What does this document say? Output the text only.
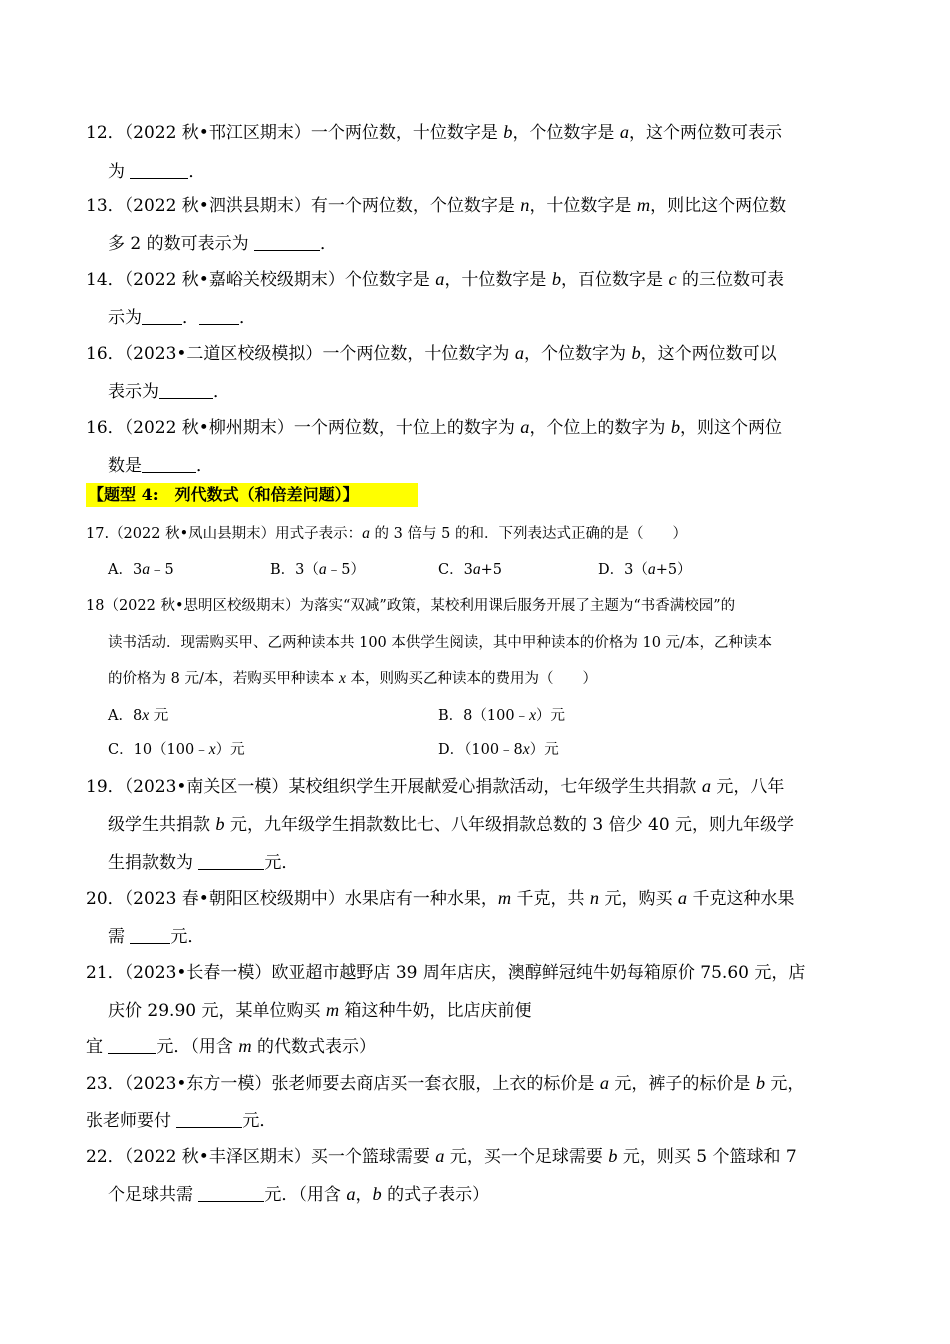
12．（2022 秋•邗江区期末）一个两位数，十位数字是 b，个位数字是 a，这个两位数可表示
为	．
13．（2022 秋•泗洪县期末）有一个两位数，个位数字是 n，十位数字是 m，则比这个两位数
多 2 的数可表示为	．
14．（2022 秋•嘉峪关校级期末）个位数字是 a，十位数字是 b，百位数字是 c 的三位数可表
示为 ． ．
16．（2023•二道区校级模拟）一个两位数，十位数字为 a，个位数字为 b，这个两位数可以
表示为	．
16．（2022 秋•柳州期末）一个两位数，十位上的数字为 a，个位上的数字为 b，则这个两位
数是	．
【题型 4:　列代数式（和倍差问题）】
17.（2022 秋•凤山县期末）用式子表示：a 的 3 倍与 5 的和．下列表达式正确的是（　　）
A．3a﹣5	B．3（a﹣5）	C．3a+5	D．3（a+5）
18（2022 秋•思明区校级期末）为落实“双减”政策，某校利用课后服务开展了主题为“书香满校园”的
读书活动．现需购买甲、乙两种读本共 100 本供学生阅读，其中甲种读本的价格为 10 元/本，乙种读本
的价格为 8 元/本，若购买甲种读本 x 本，则购买乙种读本的费用为（　　）
A．8x 元	B．8（100﹣x）元
C．10（100﹣x）元	D．（100﹣8x）元
19．（2023•南关区一模）某校组织学生开展献爱心捐款活动，七年级学生共捐款 a 元，八年
级学生共捐款 b 元，九年级学生捐款数比七、八年级捐款总数的 3 倍少 40 元，则九年级学
生捐款数为	元．
20．（2023 春•朝阳区校级期中）水果店有一种水果，m 千克，共 n 元，购买 a 千克这种水果
需 元．
21．（2023•长春一模）欧亚超市越野店 39 周年店庆，澳醇鲜冠纯牛奶每箱原价 75.60 元，店
庆价 29.90 元，某单位购买 m 箱这种牛奶，比店庆前便
宜	元．（用含 m 的代数式表示）
23．（2023•东方一模）张老师要去商店买一套衣服，上衣的标价是 a 元，裤子的标价是 b 元，
张老师要付	元．
22．（2022 秋•丰泽区期末）买一个篮球需要 a 元，买一个足球需要 b 元，则买 5 个篮球和 7
个足球共需	元．（用含 a，b 的式子表示）
